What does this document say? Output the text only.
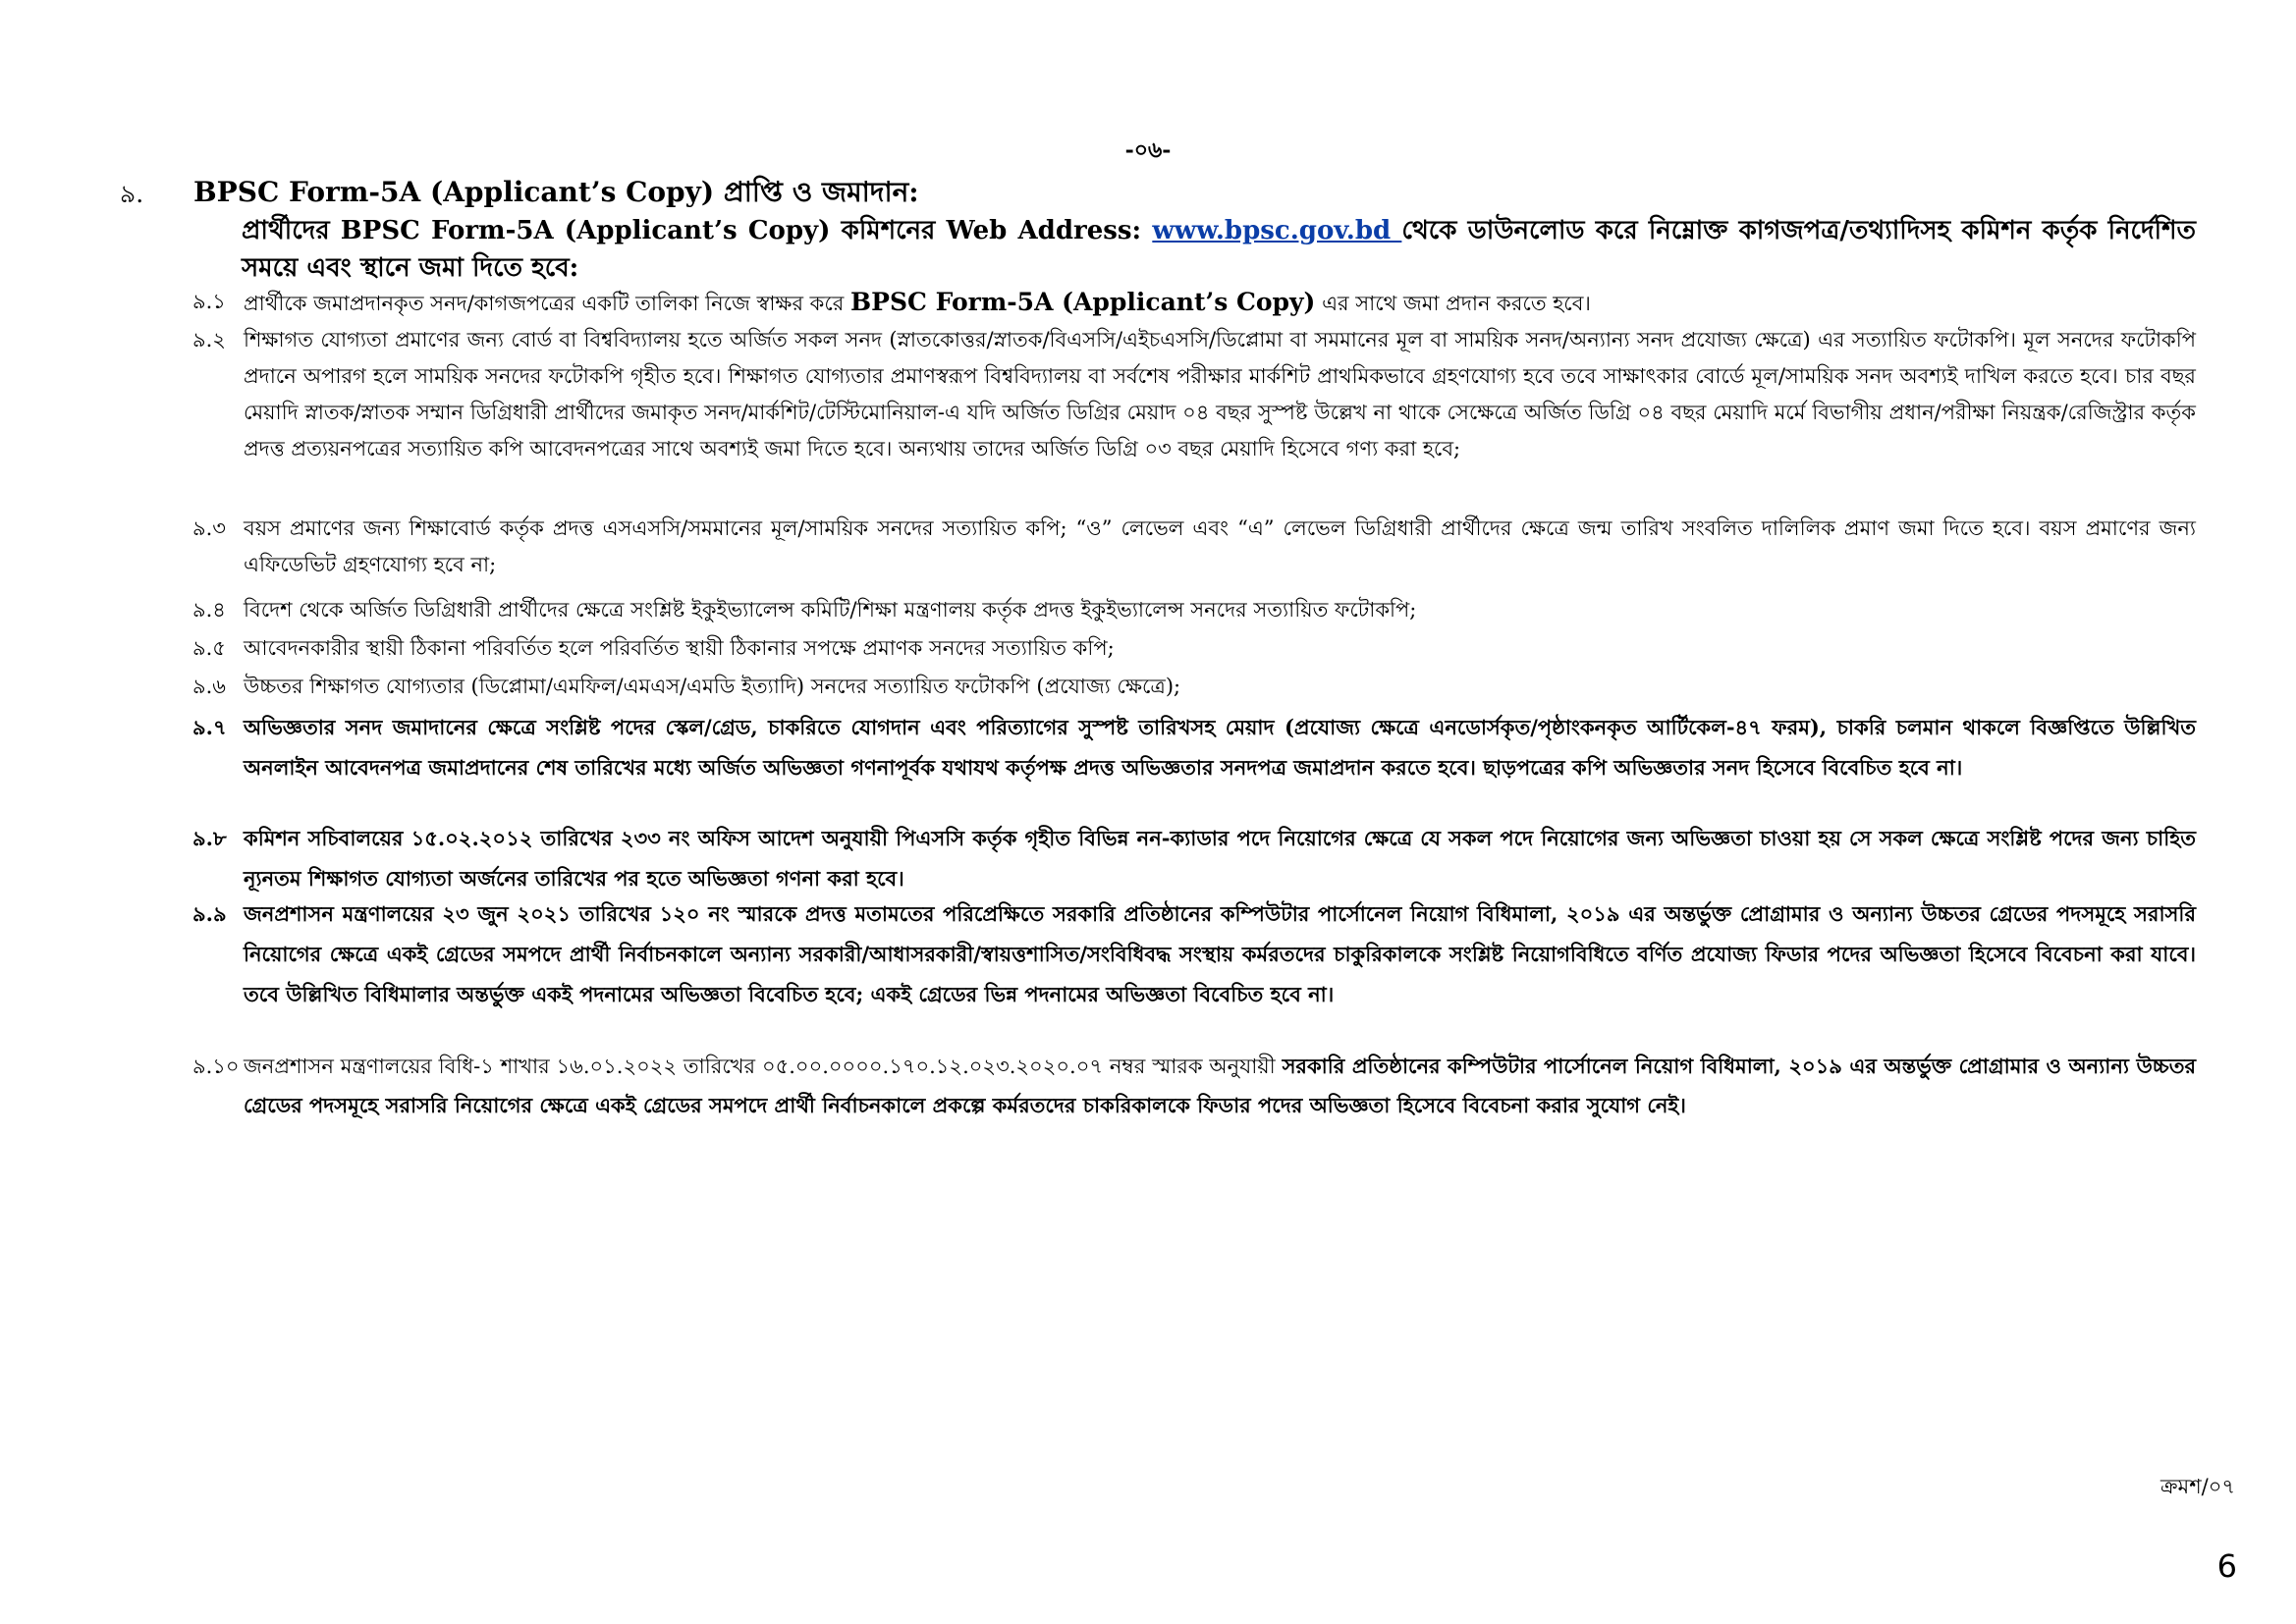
-০৬-
৯. BPSC Form-5A (Applicant’s Copy) প্রাপ্তি ও জমাদান:
প্রার্থীদের BPSC Form-5A (Applicant’s Copy) কমিশনের Web Address: www.bpsc.gov.bd থেকে ডাউনলোড করে নিম্নোক্ত কাগজপত্র/তথ্যাদিসহ কমিশন কর্তৃক নির্দেশিত সময়ে এবং স্থানে জমা দিতে হবে:
৯.১ প্রার্থীকে জমাপ্রদানকৃত সনদ/কাগজপত্রের একটি তালিকা নিজে স্বাক্ষর করে BPSC Form-5A (Applicant’s Copy) এর সাথে জমা প্রদান করতে হবে।
৯.২ শিক্ষাগত যোগ্যতা প্রমাণের জন্য বোর্ড বা বিশ্ববিদ্যালয় হতে অর্জিত সকল সনদ (স্নাতকোত্তর/স্নাতক/বিএসসি/এইচএসসি/ডিপ্লোমা বা সমমানের মূল বা সাময়িক সনদ/অন্যান্য সনদ প্রযোজ্য ক্ষেত্রে) এর সত্যায়িত ফটোকপি। মূল সনদের ফটোকপি প্রদানে অপারগ হলে সাময়িক সনদের ফটোকপি গৃহীত হবে। শিক্ষাগত যোগ্যতার প্রমাণস্বরূপ বিশ্ববিদ্যালয় বা সর্বশেষ পরীক্ষার মার্কশিট প্রাথমিকভাবে গ্রহণযোগ্য হবে তবে সাক্ষাৎকার বোর্ডে মূল/সাময়িক সনদ অবশ্যই দাখিল করতে হবে। চার বছর মেয়াদি স্নাতক/স্নাতক সম্মান ডিগ্রিধারী প্রার্থীদের জমাকৃত সনদ/মার্কশিট/টেস্টিমোনিয়াল-এ যদি অর্জিত ডিগ্রির মেয়াদ ০৪ বছর সুস্পষ্ট উল্লেখ না থাকে সেক্ষেত্রে অর্জিত ডিগ্রি ০৪ বছর মেয়াদি মর্মে বিভাগীয় প্রধান/পরীক্ষা নিয়ন্ত্রক/রেজিস্ট্রার কর্তৃক প্রদত্ত প্রত্যয়নপত্রের সত্যায়িত কপি আবেদনপত্রের সাথে অবশ্যই জমা দিতে হবে। অন্যথায় তাদের অর্জিত ডিগ্রি ০৩ বছর মেয়াদি হিসেবে গণ্য করা হবে;
৯.৩ বয়স প্রমাণের জন্য শিক্ষাবোর্ড কর্তৃক প্রদত্ত এসএসসি/সমমানের মূল/সাময়িক সনদের সত্যায়িত কপি; “ও” লেভেল এবং “এ” লেভেল ডিগ্রিধারী প্রার্থীদের ক্ষেত্রে জন্ম তারিখ সংবলিত দালিলিক প্রমাণ জমা দিতে হবে। বয়স প্রমাণের জন্য এফিডেভিট গ্রহণযোগ্য হবে না;
৯.৪ বিদেশ থেকে অর্জিত ডিগ্রিধারী প্রার্থীদের ক্ষেত্রে সংশ্লিষ্ট ইকুইভ্যালেন্স কমিটি/শিক্ষা মন্ত্রণালয় কর্তৃক প্রদত্ত ইকুইভ্যালেন্স সনদের সত্যায়িত ফটোকপি;
৯.৫ আবেদনকারীর স্থায়ী ঠিকানা পরিবর্তিত হলে পরিবর্তিত স্থায়ী ঠিকানার সপক্ষে প্রমাণক সনদের সত্যায়িত কপি;
৯.৬ উচ্চতর শিক্ষাগত যোগ্যতার (ডিপ্লোমা/এমফিল/এমএস/এমডি ইত্যাদি) সনদের সত্যায়িত ফটোকপি (প্রযোজ্য ক্ষেত্রে);
৯.৭ অভিজ্ঞতার সনদ জমাদানের ক্ষেত্রে সংশ্লিষ্ট পদের স্কেল/গ্রেড, চাকরিতে যোগদান এবং পরিত্যাগের সুস্পষ্ট তারিখসহ মেয়াদ (প্রযোজ্য ক্ষেত্রে এনডোর্সকৃত/পৃষ্ঠাংকনকৃত আর্টিকেল-৪৭ ফরম), চাকরি চলমান থাকলে বিজ্ঞপ্তিতে উল্লিখিত অনলাইন আবেদনপত্র জমাপ্রদানের শেষ তারিখের মধ্যে অর্জিত অভিজ্ঞতা গণনাপূর্বক যথাযথ কর্তৃপক্ষ প্রদত্ত অভিজ্ঞতার সনদপত্র জমাপ্রদান করতে হবে। ছাড়পত্রের কপি অভিজ্ঞতার সনদ হিসেবে বিবেচিত হবে না।
৯.৮ কমিশন সচিবালয়ের ১৫.০২.২০১২ তারিখের ২৩৩ নং অফিস আদেশ অনুযায়ী পিএসসি কর্তৃক গৃহীত বিভিন্ন নন-ক্যাডার পদে নিয়োগের ক্ষেত্রে যে সকল পদে নিয়োগের জন্য অভিজ্ঞতা চাওয়া হয় সে সকল ক্ষেত্রে সংশ্লিষ্ট পদের জন্য চাহিত ন্যূনতম শিক্ষাগত যোগ্যতা অর্জনের তারিখের পর হতে অভিজ্ঞতা গণনা করা হবে।
৯.৯ জনপ্রশাসন মন্ত্রণালয়ের ২৩ জুন ২০২১ তারিখের ১২০ নং স্মারকে প্রদত্ত মতামতের পরিপ্রেক্ষিতে সরকারি প্রতিষ্ঠানের কম্পিউটার পার্সোনেল নিয়োগ বিধিমালা, ২০১৯ এর অন্তর্ভুক্ত প্রোগ্রামার ও অন্যান্য উচ্চতর গ্রেডের পদসমূহে সরাসরি নিয়োগের ক্ষেত্রে একই গ্রেডের সমপদে প্রার্থী নির্বাচনকালে অন্যান্য সরকারী/আধাসরকারী/স্বায়ত্তশাসিত/সংবিধিবদ্ধ সংস্থায় কর্মরতদের চাকুরিকালকে সংশ্লিষ্ট নিয়োগবিধিতে বর্ণিত প্রযোজ্য ফিডার পদের অভিজ্ঞতা হিসেবে বিবেচনা করা যাবে। তবে উল্লিখিত বিধিমালার অন্তর্ভুক্ত একই পদনামের অভিজ্ঞতা বিবেচিত হবে; একই গ্রেডের ভিন্ন পদনামের অভিজ্ঞতা বিবেচিত হবে না।
৯.১০ জনপ্রশাসন মন্ত্রণালয়ের বিধি-১ শাখার ১৬.০১.২০২২ তারিখের ০৫.০০.০০০০.১৭০.১২.০২৩.২০২০.০৭ নম্বর স্মারক অনুযায়ী সরকারি প্রতিষ্ঠানের কম্পিউটার পার্সোনেল নিয়োগ বিধিমালা, ২০১৯ এর অন্তর্ভুক্ত প্রোগ্রামার ও অন্যান্য উচ্চতর গ্রেডের পদসমূহে সরাসরি নিয়োগের ক্ষেত্রে একই গ্রেডের সমপদে প্রার্থী নির্বাচনকালে প্রকল্পে কর্মরতদের চাকরিকালকে ফিডার পদের অভিজ্ঞতা হিসেবে বিবেচনা করার সুযোগ নেই।
ক্রমশ/০৭
6
